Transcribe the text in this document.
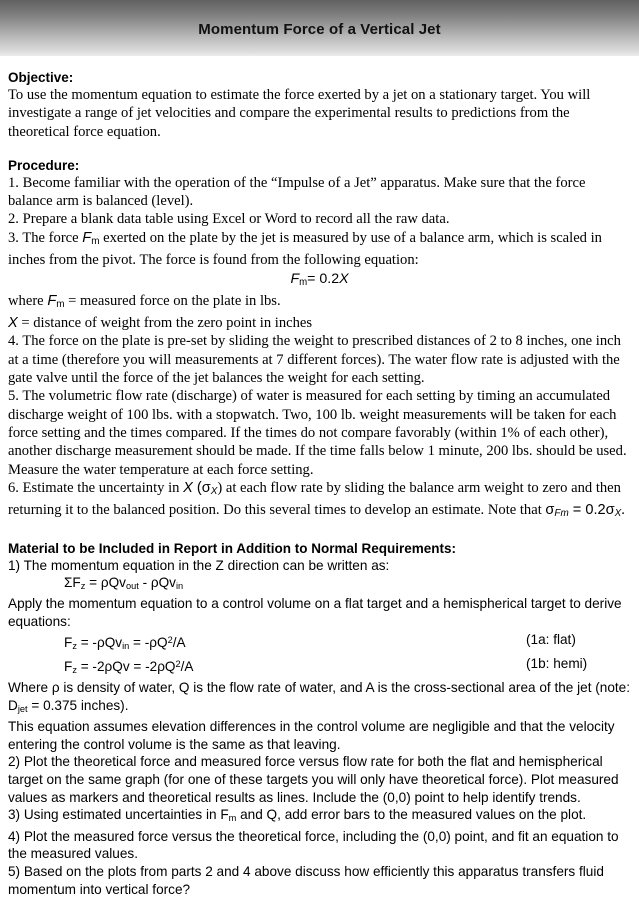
Momentum Force of a Vertical Jet
Objective:
To use the momentum equation to estimate the force exerted by a jet on a stationary target. You will investigate a range of jet velocities and compare the experimental results to predictions from the theoretical force equation.
Procedure:
1. Become familiar with the operation of the “Impulse of a Jet” apparatus. Make sure that the force balance arm is balanced (level).
2. Prepare a blank data table using Excel or Word to record all the raw data.
3. The force $F_m$ exerted on the plate by the jet is measured by use of a balance arm, which is scaled in inches from the pivot. The force is found from the following equation:
$F_m= 0.2X$
where $F_m$ = measured force on the plate in lbs.
X = distance of weight from the zero point in inches
4. The force on the plate is pre-set by sliding the weight to prescribed distances of 2 to 8 inches, one inch at a time (therefore you will measurements at 7 different forces). The water flow rate is adjusted with the gate valve until the force of the jet balances the weight for each setting.
5. The volumetric flow rate (discharge) of water is measured for each setting by timing an accumulated discharge weight of 100 lbs. with a stopwatch. Two, 100 lb. weight measurements will be taken for each force setting and the times compared. If the times do not compare favorably (within 1% of each other), another discharge measurement should be made. If the time falls below 1 minute, 200 lbs. should be used. Measure the water temperature at each force setting.
6. Estimate the uncertainty in X $(\sigma_X)$ at each flow rate by sliding the balance arm weight to zero and then returning it to the balanced position. Do this several times to develop an estimate. Note that $\sigma_{Fm} = 0.2\sigma_X$.
Material to be Included in Report in Addition to Normal Requirements:
1) The momentum equation in the Z direction can be written as:
$\Sigma F_z = \rho Qv_{out} - \rho Qv_{in}$
Apply the momentum equation to a control volume on a flat target and a hemispherical target to derive equations:
$F_z = -\rho Qv_{in} = -\rho Q^2/A$	(1a: flat)
$F_z = -2\rho Qv = -2\rho Q^2/A$	(1b: hemi)
Where ρ is density of water, Q is the flow rate of water, and A is the cross-sectional area of the jet (note: $D_{jet} = 0.375$ inches).
This equation assumes elevation differences in the control volume are negligible and that the velocity entering the control volume is the same as that leaving.
2) Plot the theoretical force and measured force versus flow rate for both the flat and hemispherical target on the same graph (for one of these targets you will only have theoretical force). Plot measured values as markers and theoretical results as lines. Include the (0,0) point to help identify trends.
3) Using estimated uncertainties in $F_m$ and Q, add error bars to the measured values on the plot.
4) Plot the measured force versus the theoretical force, including the (0,0) point, and fit an equation to the measured values.
5) Based on the plots from parts 2 and 4 above discuss how efficiently this apparatus transfers fluid momentum into vertical force?
